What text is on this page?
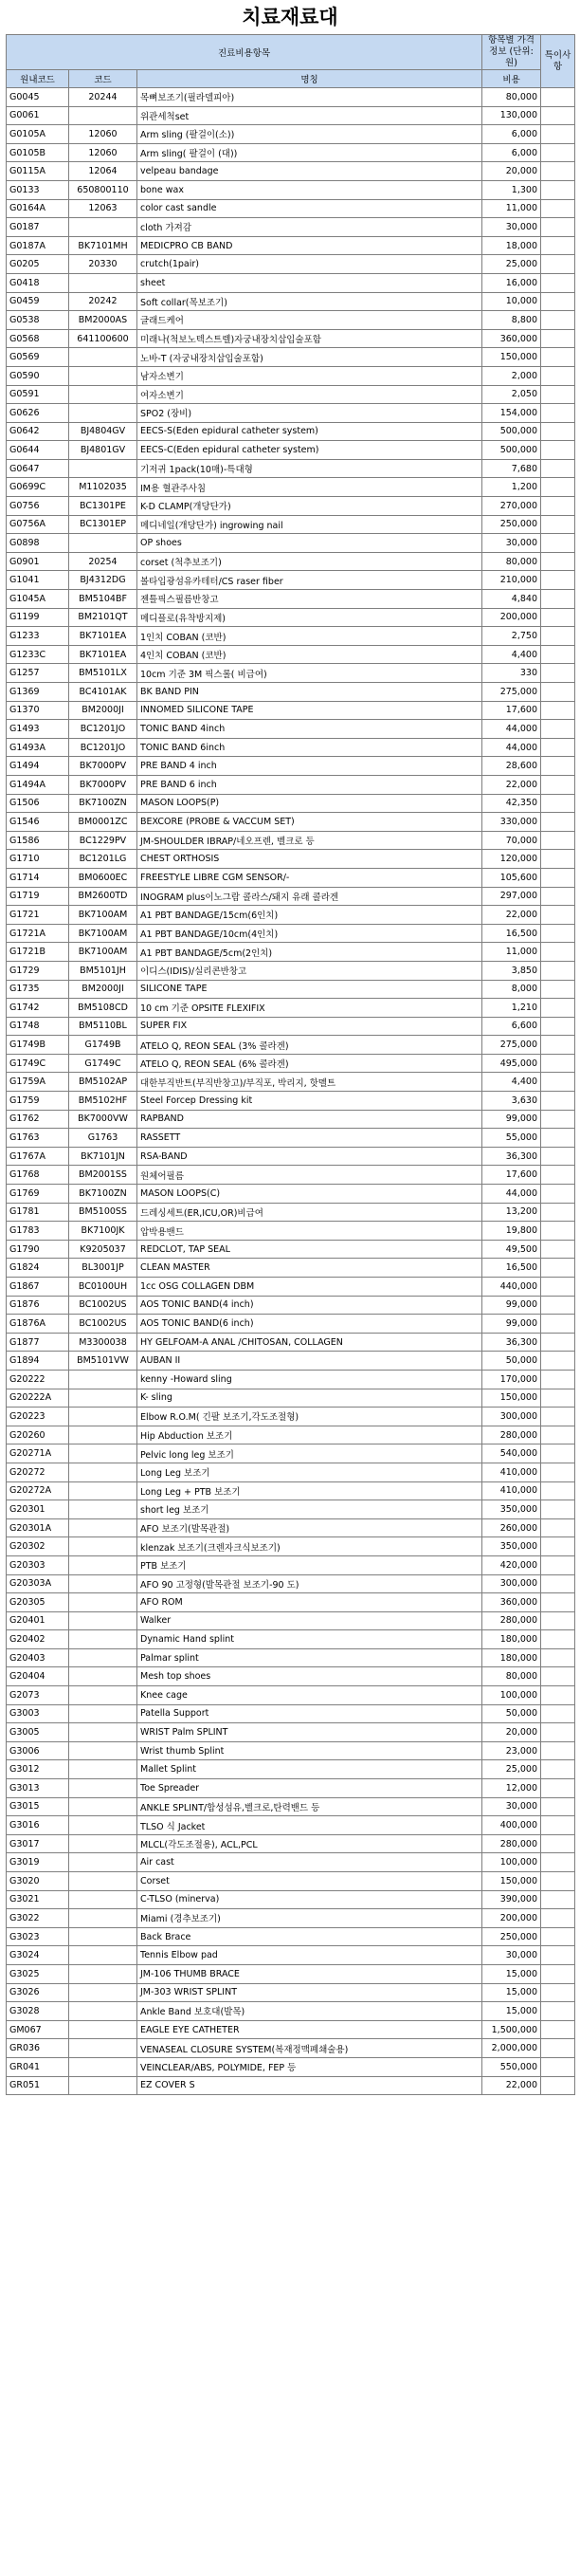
치료재료대
진료비용항목			항목별 가격정보 (단위:원)	특이사항
원내코드	코드	명칭	비용	
G0045	20244	목뼈보조기(필라델피아)	80,000	
G0061		위관세척set	130,000	
G0105A	12060	Arm sling (팔걸이(소))	6,000	
G0105B	12060	Arm sling( 팔걸이 (대))	6,000	
G0115A	12064	velpeau bandage	20,000	
G0133	650800110	bone wax	1,300	
G0164A	12063	color cast sandle	11,000	
G0187		cloth 가져감	30,000	
G0187A	BK7101MH	MEDICPRO CB BAND	18,000	
G0205	20330	crutch(1pair)	25,000	
G0418		sheet	16,000	
G0459	20242	Soft collar(목보조기)	10,000	
G0538	BM2000AS	글래드케어	8,800	
G0568	641100600	미래나(척보노텍스트렐)자궁내장치삽입술포함	360,000	
G0569		노바-T (자궁내장치삽입술포함)	150,000	
G0590		남자소변기	2,000	
G0591		여자소변기	2,050	
G0626		SPO2 (장비)	154,000	
G0642	BJ4804GV	EECS-S(Eden epidural catheter system)	500,000	
G0644	BJ4801GV	EECS-C(Eden epidural catheter system)	500,000	
G0647		기저귀 1pack(10매)-특대형	7,680	
G0699C	M1102035	IM용 혈관주사침	1,200	
G0756	BC1301PE	K-D CLAMP(개당단가)	270,000	
G0756A	BC1301EP	메디네일(개당단가) ingrowing nail	250,000	
G0898		OP shoes	30,000	
G0901	20254	corset (척추보조기)	80,000	
G1041	BJ4312DG	볼타입광섬유카테터/CS raser fiber	210,000	
G1045A	BM5104BF	젠틀픽스필름반창고	4,840	
G1199	BM2101QT	메디플로(유착방지제)	200,000	
G1233	BK7101EA	1인치 COBAN (코반)	2,750	
G1233C	BK7101EA	4인치 COBAN (코반)	4,400	
G1257	BM5101LX	10cm 기준 3M 픽스롤( 비급여)	330	
G1369	BC4101AK	BK BAND PIN	275,000	
G1370	BM2000JI	INNOMED SILICONE TAPE	17,600	
G1493	BC1201JO	TONIC BAND 4inch	44,000	
G1493A	BC1201JO	TONIC BAND 6inch	44,000	
G1494	BK7000PV	PRE BAND 4 inch	28,600	
G1494A	BK7000PV	PRE BAND 6 inch	22,000	
G1506	BK7100ZN	MASON LOOPS(P)	42,350	
G1546	BM0001ZC	BEXCORE (PROBE & VACCUM SET)	330,000	
G1586	BC1229PV	JM-SHOULDER IBRAP/네오프렌, 벨크로 등	70,000	
G1710	BC1201LG	CHEST ORTHOSIS	120,000	
G1714	BM0600EC	FREESTYLE LIBRE CGM SENSOR/-	105,600	
G1719	BM2600TD	INOGRAM plus이노그람 콜라스/돼지 유래 콜라겐	297,000	
G1721	BK7100AM	A1 PBT BANDAGE/15cm(6인치)	22,000	
G1721A	BK7100AM	A1 PBT BANDAGE/10cm(4인치)	16,500	
G1721B	BK7100AM	A1 PBT BANDAGE/5cm(2인치)	11,000	
G1729	BM5101JH	이디스(IDIS)/실리콘반창고	3,850	
G1735	BM2000JI	SILICONE TAPE	8,000	
G1742	BM5108CD	10 cm 기준 OPSITE FLEXIFIX	1,210	
G1748	BM5110BL	SUPER FIX	6,600	
G1749B	G1749B	ATELO Q, REON SEAL (3% 콜라겐)	275,000	
G1749C	G1749C	ATELO Q, REON SEAL (6% 콜라겐)	495,000	
G1759A	BM5102AP	대한부직반트(부직반창고)/부직포, 박리지, 핫멜트	4,400	
G1759	BM5102HF	Steel Forcep Dressing kit	3,630	
G1762	BK7000VW	RAPBAND	99,000	
G1763	G1763	RASSETT	55,000	
G1767A	BK7101JN	RSA-BAND	36,300	
G1768	BM2001SS	원체어필름	17,600	
G1769	BK7100ZN	MASON LOOPS(C)	44,000	
G1781	BM5100SS	드레싱세트(ER,ICU,OR)비급여	13,200	
G1783	BK7100JK	압박용밴드	19,800	
G1790	K9205037	REDCLOT, TAP SEAL	49,500	
G1824	BL3001JP	CLEAN MASTER	16,500	
G1867	BC0100UH	1cc OSG COLLAGEN DBM	440,000	
G1876	BC1002US	AOS TONIC BAND(4 inch)	99,000	
G1876A	BC1002US	AOS TONIC BAND(6 inch)	99,000	
G1877	M3300038	HY GELFOAM-A ANAL /CHITOSAN, COLLAGEN	36,300	
G1894	BM5101VW	AUBAN II	50,000	
G20222		kenny -Howard sling	170,000	
G20222A		K- sling	150,000	
G20223		Elbow R.O.M( 긴팔 보조기,각도조절형)	300,000	
G20260		Hip Abduction 보조기	280,000	
G20271A		Pelvic long leg 보조기	540,000	
G20272		Long Leg 보조기	410,000	
G20272A		Long Leg + PTB 보조기	410,000	
G20301		short leg 보조기	350,000	
G20301A		AFO 보조기(발목관절)	260,000	
G20302		klenzak 보조기(크렌자크식보조기)	350,000	
G20303		PTB 보조기	420,000	
G20303A		AFO 90 고정형(발목관절 보조기-90 도)	300,000	
G20305		AFO ROM	360,000	
G20401		Walker	280,000	
G20402		Dynamic Hand splint	180,000	
G20403		Palmar splint	180,000	
G20404		Mesh top shoes	80,000	
G2073		Knee cage	100,000	
G3003		Patella Support	50,000	
G3005		WRIST Palm SPLINT	20,000	
G3006		Wrist thumb Splint	23,000	
G3012		Mallet Splint	25,000	
G3013		Toe Spreader	12,000	
G3015		ANKLE SPLINT/합성섬유,벨크로,탄력밴드 등	30,000	
G3016		TLSO 식 Jacket	400,000	
G3017		MLCL(각도조절용), ACL,PCL	280,000	
G3019		Air cast	100,000	
G3020		Corset	150,000	
G3021		C-TLSO (minerva)	390,000	
G3022		Miami (경추보조기)	200,000	
G3023		Back Brace	250,000	
G3024		Tennis Elbow pad	30,000	
G3025		JM-106 THUMB BRACE	15,000	
G3026		JM-303 WRIST SPLINT	15,000	
G3028		Ankle Band 보호대(발목)	15,000	
GM067		EAGLE EYE CATHETER	1,500,000	
GR036		VENASEAL CLOSURE SYSTEM(복재정맥폐쇄술용)	2,000,000	
GR041		VEINCLEAR/ABS, POLYMIDE, FEP 등	550,000	
GR051		EZ COVER S	22,000	
